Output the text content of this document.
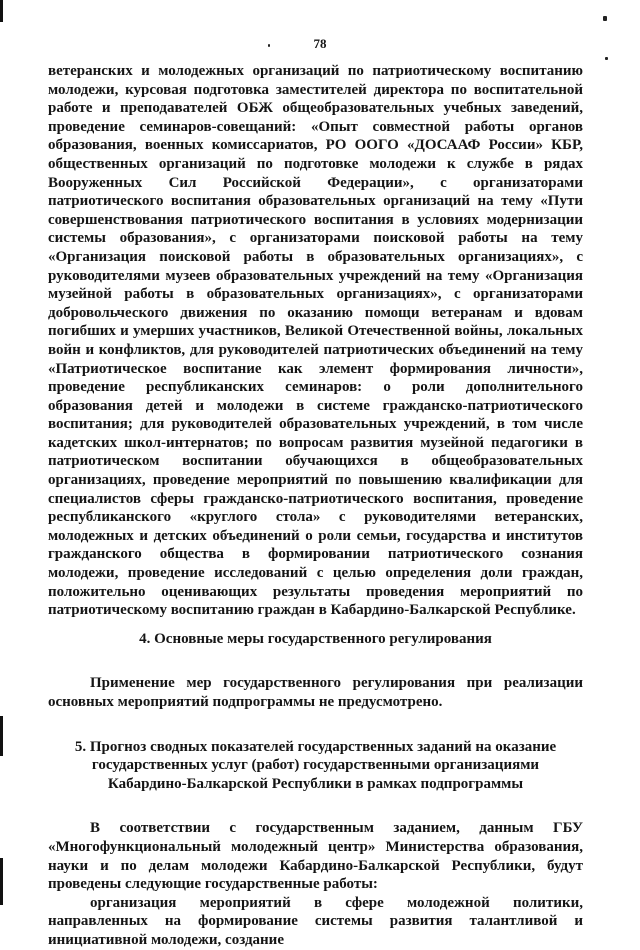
78

ветеранских и молодежных организаций по патриотическому воспитанию молодежи, курсовая подготовка заместителей директора по воспитательной работе и преподавателей ОБЖ общеобразовательных учебных заведений, проведение семинаров-совещаний: «Опыт совместной работы органов образования, военных комиссариатов, РО ООГО «ДОСААФ России» КБР, общественных организаций по подготовке молодежи к службе в рядах Вооруженных Сил Российской Федерации», с организаторами патриотического воспитания образовательных организаций на тему «Пути совершенствования патриотического воспитания в условиях модернизации системы образования», с организаторами поисковой работы на тему «Организация поисковой работы в образовательных организациях», с руководителями музеев образовательных учреждений на тему «Организация музейной работы в образовательных организациях», с организаторами добровольческого движения по оказанию помощи ветеранам и вдовам погибших и умерших участников, Великой Отечественной войны, локальных войн и конфликтов, для руководителей патриотических объединений на тему «Патриотическое воспитание как элемент формирования личности», проведение республиканских семинаров: о роли дополнительного образования детей и молодежи в системе гражданско-патриотического воспитания; для руководителей образовательных учреждений, в том числе кадетских школ-интернатов; по вопросам развития музейной педагогики в патриотическом воспитании обучающихся в общеобразовательных организациях, проведение мероприятий по повышению квалификации для специалистов сферы гражданско-патриотического воспитания, проведение республиканского «круглого стола» с руководителями ветеранских, молодежных и детских объединений о роли семьи, государства и институтов гражданского общества в формировании патриотического сознания молодежи, проведение исследований с целью определения доли граждан, положительно оценивающих результаты проведения мероприятий по патриотическому воспитанию граждан в Кабардино-Балкарской Республике.

4. Основные меры государственного регулирования

Применение мер государственного регулирования при реализации основных мероприятий подпрограммы не предусмотрено.

5. Прогноз сводных показателей государственных заданий на оказание государственных услуг (работ) государственными организациями Кабардино-Балкарской Республики в рамках подпрограммы

В соответствии с государственным заданием, данным ГБУ «Многофункциональный молодежный центр» Министерства образования, науки и по делам молодежи Кабардино-Балкарской Республики, будут проведены следующие государственные работы:

организация мероприятий в сфере молодежной политики, направленных на формирование системы развития талантливой и инициативной молодежи, создание
